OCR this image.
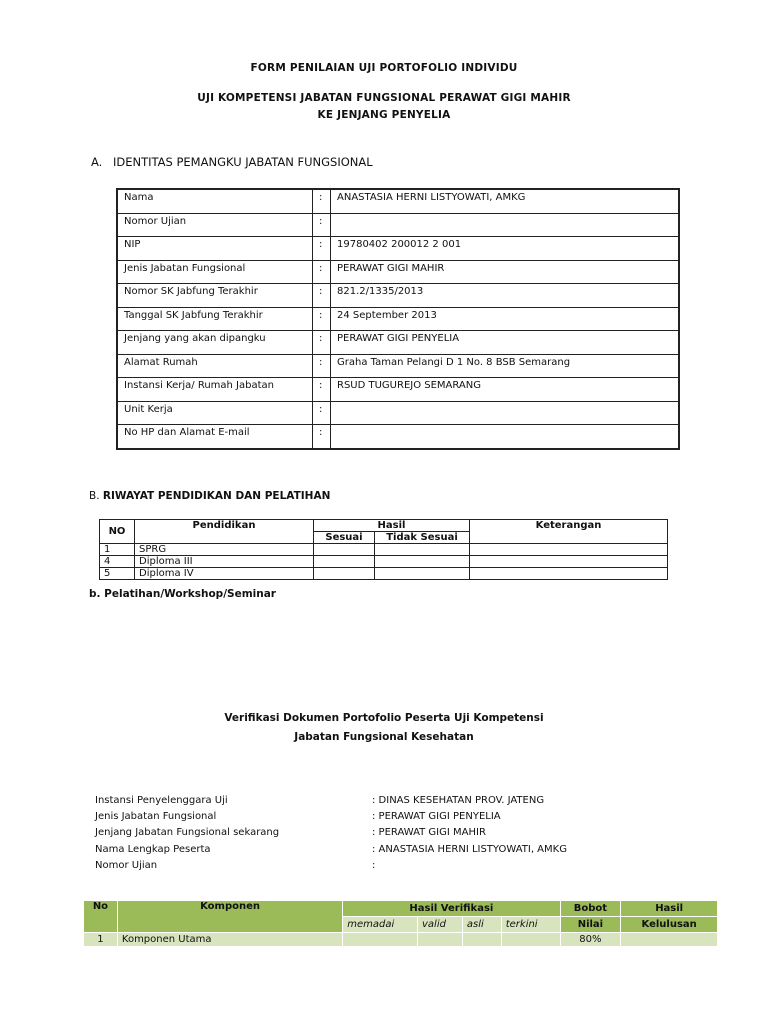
FORM PENILAIAN UJI PORTOFOLIO INDIVIDU
UJI KOMPETENSI JABATAN FUNGSIONAL PERAWAT GIGI MAHIR
KE JENJANG PENYELIA
A. IDENTITAS PEMANGKU JABATAN FUNGSIONAL
Nama	:	ANASTASIA HERNI LISTYOWATI, AMKG
Nomor Ujian	:	
NIP	:	19780402 200012 2 001
Jenis Jabatan Fungsional	:	PERAWAT GIGI MAHIR
Nomor SK Jabfung Terakhir	:	821.2/1335/2013
Tanggal SK Jabfung Terakhir	:	24 September 2013
Jenjang yang akan dipangku	:	PERAWAT GIGI PENYELIA
Alamat Rumah	:	Graha Taman Pelangi D 1 No. 8 BSB Semarang
Instansi Kerja/ Rumah Jabatan	:	RSUD TUGUREJO SEMARANG
Unit Kerja	:	
No HP dan Alamat E-mail	:	
B. RIWAYAT PENDIDIKAN DAN PELATIHAN
NO	Pendidikan	Hasil		Keterangan
		Sesuai	Tidak Sesuai	
1	SPRG			
4	Diploma III			
5	Diploma IV			
b. Pelatihan/Workshop/Seminar
Verifikasi Dokumen Portofolio Peserta Uji Kompetensi
Jabatan Fungsional Kesehatan
Instansi Penyelenggara Uji	: DINAS KESEHATAN PROV. JATENG
Jenis Jabatan Fungsional	: PERAWAT GIGI PENYELIA
Jenjang Jabatan Fungsional sekarang	: PERAWAT GIGI MAHIR
Nama Lengkap Peserta	: ANASTASIA HERNI LISTYOWATI, AMKG
Nomor Ujian	:
No	Komponen	Hasil Verifikasi				Bobot	Hasil
		memadai	valid	asli	terkini	Nilai	Kelulusan
1	Komponen Utama					80%	
